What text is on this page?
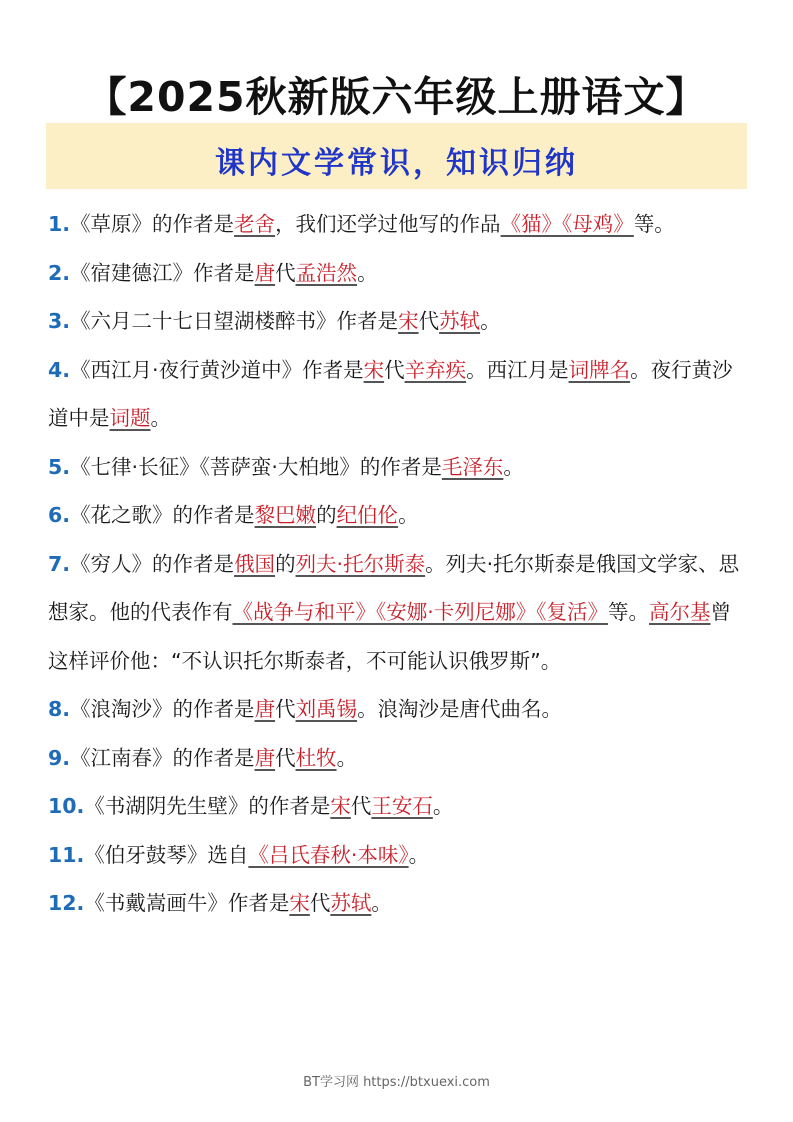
【2025秋新版六年级上册语文】
课内文学常识，知识归纳

1.《草原》的作者是老舍，我们还学过他写的作品《猫》《母鸡》等。

2.《宿建德江》作者是唐代孟浩然。

3.《六月二十七日望湖楼醉书》作者是宋代苏轼。

4.《西江月·夜行黄沙道中》作者是宋代辛弃疾。西江月是词牌名。夜行黄沙道中是词题。

5.《七律·长征》《菩萨蛮·大柏地》的作者是毛泽东。

6.《花之歌》的作者是黎巴嫩的纪伯伦。

7.《穷人》的作者是俄国的列夫·托尔斯泰。列夫·托尔斯泰是俄国文学家、思想家。他的代表作有《战争与和平》《安娜·卡列尼娜》《复活》等。高尔基曾这样评价他：“不认识托尔斯泰者，不可能认识俄罗斯”。

8.《浪淘沙》的作者是唐代刘禹锡。浪淘沙是唐代曲名。

9.《江南春》的作者是唐代杜牧。

10.《书湖阴先生壁》的作者是宋代王安石。

11.《伯牙鼓琴》选自《吕氏春秋·本味》。

12.《书戴嵩画牛》作者是宋代苏轼。

BT学习网 https://btxuexi.com
